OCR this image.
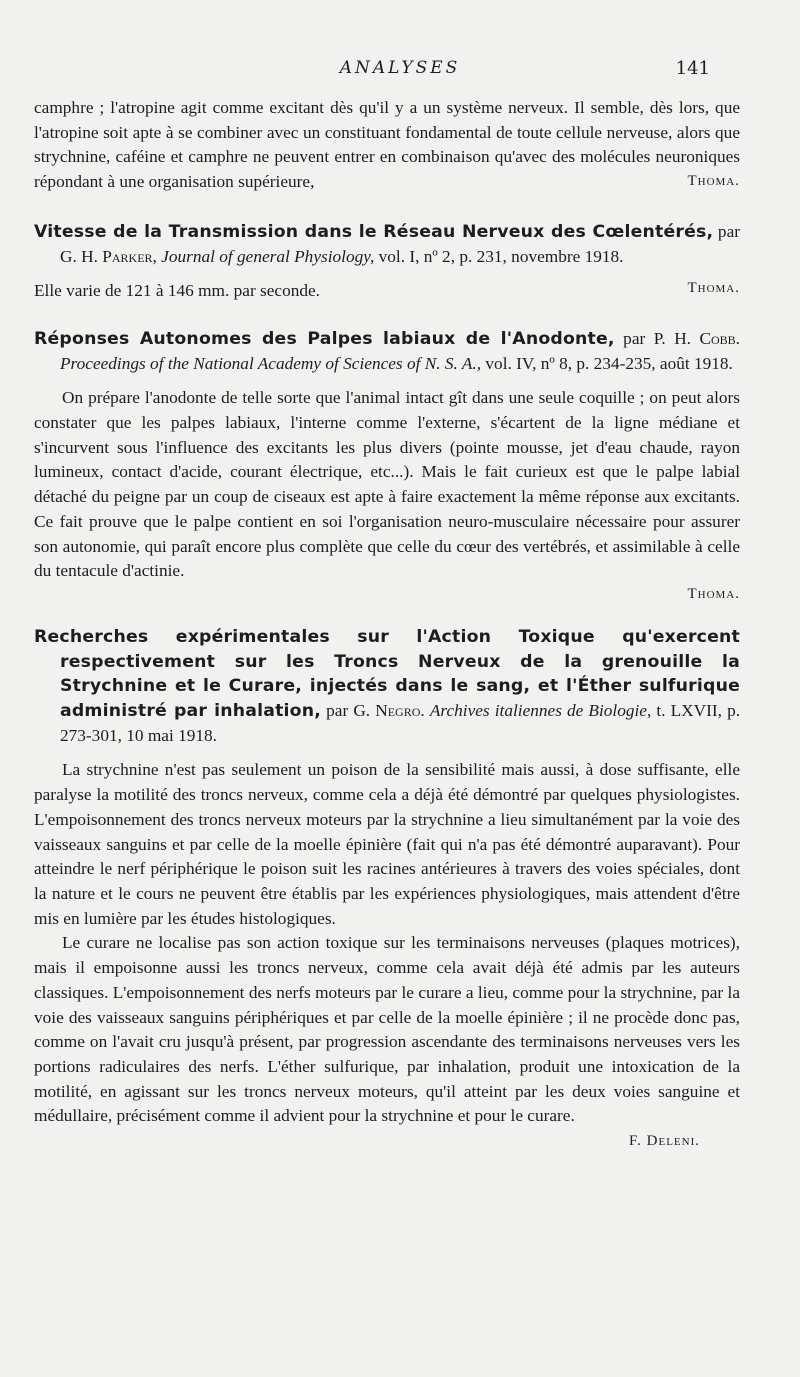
ANALYSES	141

camphre ; l'atropine agit comme excitant dès qu'il y a un système nerveux. Il semble, dès lors, que l'atropine soit apte à se combiner avec un constituant fondamental de toute cellule nerveuse, alors que strychnine, caféine et camphre ne peuvent entrer en combinaison qu'avec des molécules neuroniques répondant à une organisation supérieure,	Thoma.

Vitesse de la Transmission dans le Réseau Nerveux des Cœlentérés, par G. H. Parker, Journal of general Physiology, vol. I, nº 2, p. 231, novembre 1918.

Elle varie de 121 à 146 mm. par seconde.	Thoma.

Réponses Autonomes des Palpes labiaux de l'Anodonte, par P. H. Cobb. Proceedings of the National Academy of Sciences of N. S. A., vol. IV, nº 8, p. 234-235, août 1918.

On prépare l'anodonte de telle sorte que l'animal intact gît dans une seule coquille ; on peut alors constater que les palpes labiaux, l'interne comme l'externe, s'écartent de la ligne médiane et s'incurvent sous l'influence des excitants les plus divers (pointe mousse, jet d'eau chaude, rayon lumineux, contact d'acide, courant électrique, etc...). Mais le fait curieux est que le palpe labial détaché du peigne par un coup de ciseaux est apte à faire exactement la même réponse aux excitants. Ce fait prouve que le palpe contient en soi l'organisation neuro-musculaire nécessaire pour assurer son autonomie, qui paraît encore plus complète que celle du cœur des vertébrés, et assimilable à celle du tentacule d'actinie.

Thoma.

Recherches expérimentales sur l'Action Toxique qu'exercent respectivement sur les Troncs Nerveux de la grenouille la Strychnine et le Curare, injectés dans le sang, et l'Éther sulfurique administré par inhalation, par G. Negro. Archives italiennes de Biologie, t. LXVII, p. 273-301, 10 mai 1918.

La strychnine n'est pas seulement un poison de la sensibilité mais aussi, à dose suffisante, elle paralyse la motilité des troncs nerveux, comme cela a déjà été démontré par quelques physiologistes. L'empoisonnement des troncs nerveux moteurs par la strychnine a lieu simultanément par la voie des vaisseaux sanguins et par celle de la moelle épinière (fait qui n'a pas été démontré auparavant). Pour atteindre le nerf périphérique le poison suit les racines antérieures à travers des voies spéciales, dont la nature et le cours ne peuvent être établis par les expériences physiologiques, mais attendent d'être mis en lumière par les études histologiques.

Le curare ne localise pas son action toxique sur les terminaisons nerveuses (plaques motrices), mais il empoisonne aussi les troncs nerveux, comme cela avait déjà été admis par les auteurs classiques. L'empoisonnement des nerfs moteurs par le curare a lieu, comme pour la strychnine, par la voie des vaisseaux sanguins périphériques et par celle de la moelle épinière ; il ne procède donc pas, comme on l'avait cru jusqu'à présent, par progression ascendante des terminaisons nerveuses vers les portions radiculaires des nerfs. L'éther sulfurique, par inhalation, produit une intoxication de la motilité, en agissant sur les troncs nerveux moteurs, qu'il atteint par les deux voies sanguine et médullaire, précisément comme il advient pour la strychnine et pour le curare.

F. Deleni.
